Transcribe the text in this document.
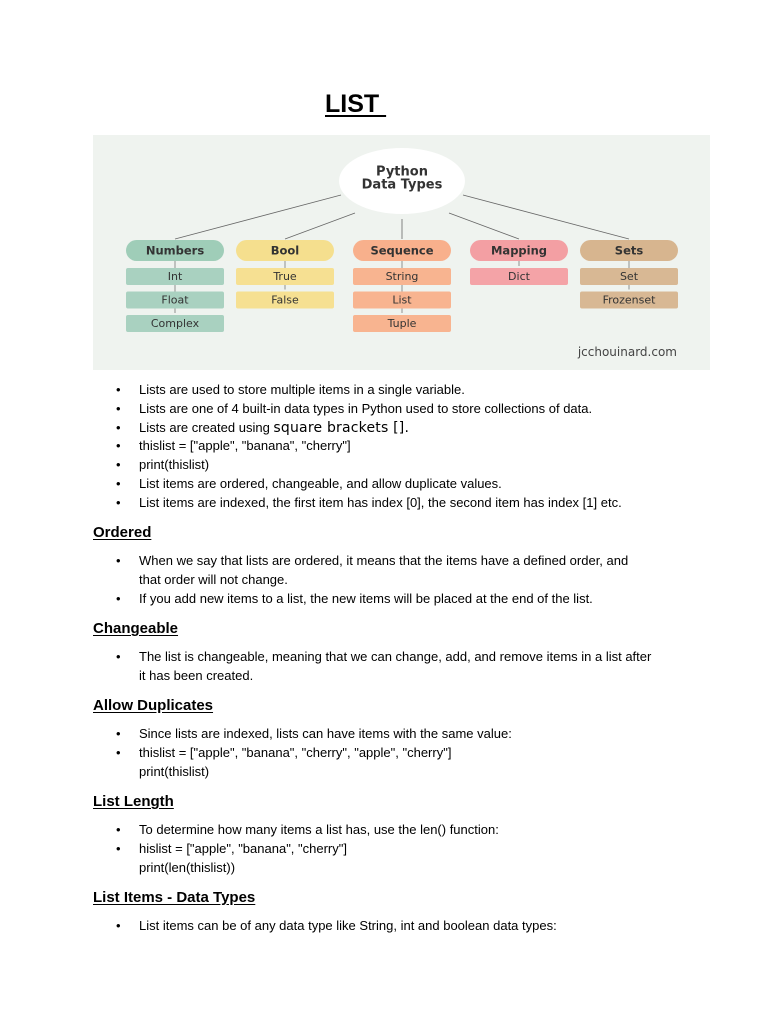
LIST
Python
Data Types
Numbers
Int
Float
Complex
Bool
True
False
Sequence
String
List
Tuple
Mapping
Dict
Sets
Set
Frozenset
jcchouinard.com
• Lists are used to store multiple items in a single variable.
• Lists are one of 4 built-in data types in Python used to store collections of data.
• Lists are created using square brackets [].
• thislist = ["apple", "banana", "cherry"]
• print(thislist)
• List items are ordered, changeable, and allow duplicate values.
• List items are indexed, the first item has index [0], the second item has index [1] etc.
Ordered
• When we say that lists are ordered, it means that the items have a defined order, and
that order will not change.
• If you add new items to a list, the new items will be placed at the end of the list.
Changeable
• The list is changeable, meaning that we can change, add, and remove items in a list after
it has been created.
Allow Duplicates
• Since lists are indexed, lists can have items with the same value:
• thislist = ["apple", "banana", "cherry", "apple", "cherry"]
print(thislist)
List Length
• To determine how many items a list has, use the len() function:
• hislist = ["apple", "banana", "cherry"]
print(len(thislist))
List Items - Data Types
• List items can be of any data type like String, int and boolean data types:
